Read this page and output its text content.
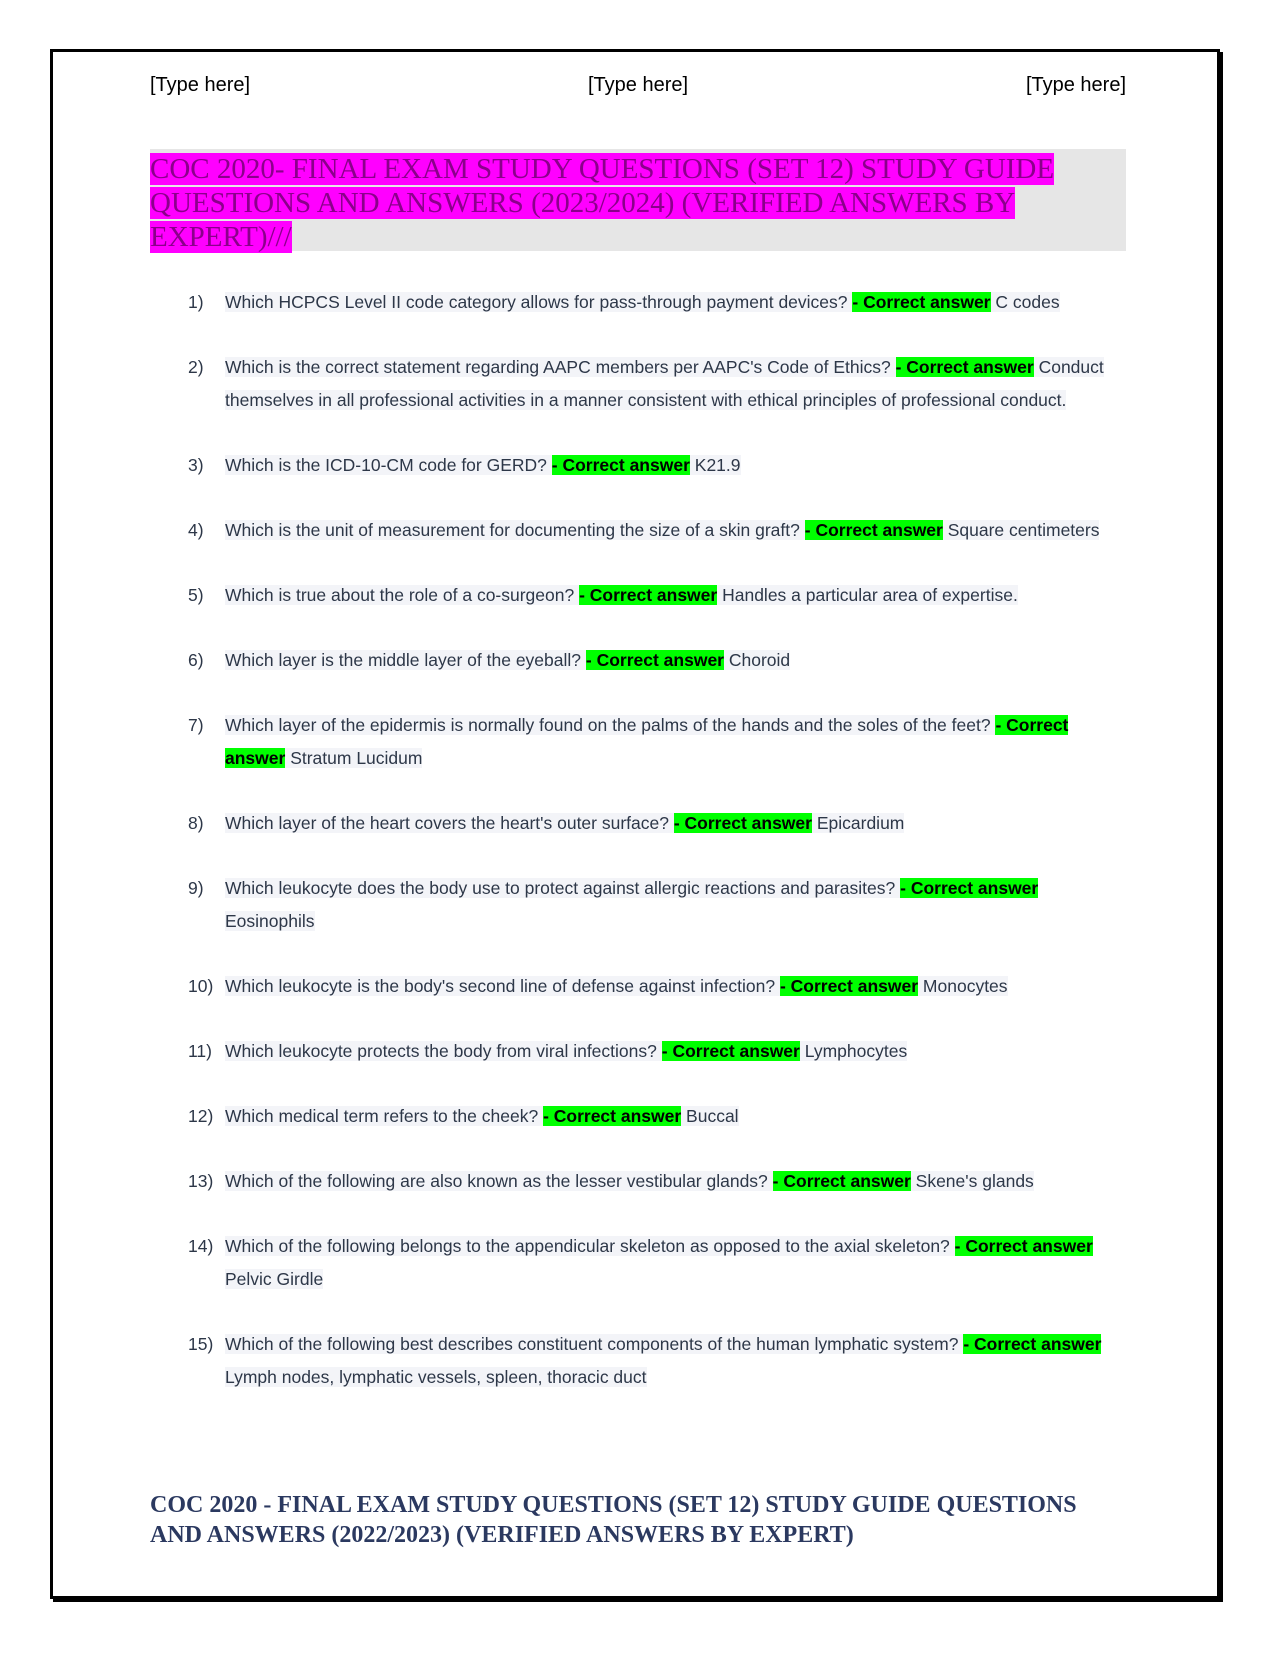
[Type here]	[Type here]	[Type here]
COC 2020- FINAL EXAM STUDY QUESTIONS (SET 12) STUDY GUIDE
QUESTIONS AND ANSWERS (2023/2024) (VERIFIED ANSWERS BY
EXPERT)///
1) Which HCPCS Level II code category allows for pass-through payment devices? - Correct answer C codes
2) Which is the correct statement regarding AAPC members per AAPC's Code of Ethics? - Correct answer Conduct themselves in all professional activities in a manner consistent with ethical principles of professional conduct.
3) Which is the ICD-10-CM code for GERD? - Correct answer K21.9
4) Which is the unit of measurement for documenting the size of a skin graft? - Correct answer Square centimeters
5) Which is true about the role of a co-surgeon? - Correct answer Handles a particular area of expertise.
6) Which layer is the middle layer of the eyeball? - Correct answer Choroid
7) Which layer of the epidermis is normally found on the palms of the hands and the soles of the feet? - Correct answer Stratum Lucidum
8) Which layer of the heart covers the heart's outer surface? - Correct answer Epicardium
9) Which leukocyte does the body use to protect against allergic reactions and parasites? - Correct answer Eosinophils
10) Which leukocyte is the body's second line of defense against infection? - Correct answer Monocytes
11) Which leukocyte protects the body from viral infections? - Correct answer Lymphocytes
12) Which medical term refers to the cheek? - Correct answer Buccal
13) Which of the following are also known as the lesser vestibular glands? - Correct answer Skene's glands
14) Which of the following belongs to the appendicular skeleton as opposed to the axial skeleton? - Correct answer Pelvic Girdle
15) Which of the following best describes constituent components of the human lymphatic system? - Correct answer Lymph nodes, lymphatic vessels, spleen, thoracic duct
COC 2020 - FINAL EXAM STUDY QUESTIONS (SET 12) STUDY GUIDE QUESTIONS
AND ANSWERS (2022/2023) (VERIFIED ANSWERS BY EXPERT)
